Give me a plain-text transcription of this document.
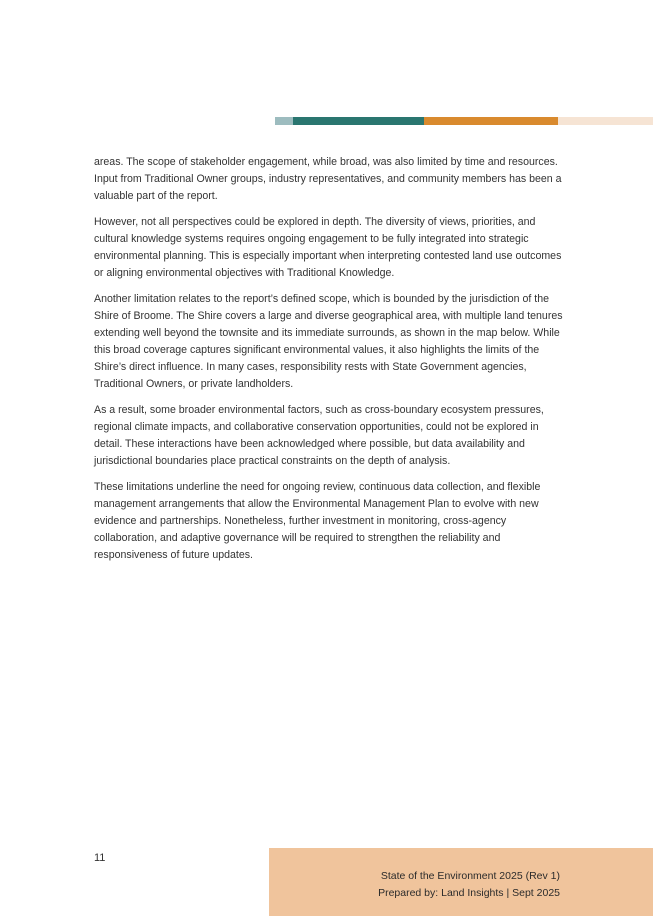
areas. The scope of stakeholder engagement, while broad, was also limited by time and resources. Input from Traditional Owner groups, industry representatives, and community members has been a valuable part of the report.

However, not all perspectives could be explored in depth. The diversity of views, priorities, and cultural knowledge systems requires ongoing engagement to be fully integrated into strategic environmental planning. This is especially important when interpreting contested land use outcomes or aligning environmental objectives with Traditional Knowledge.

Another limitation relates to the report’s defined scope, which is bounded by the jurisdiction of the Shire of Broome. The Shire covers a large and diverse geographical area, with multiple land tenures extending well beyond the townsite and its immediate surrounds, as shown in the map below. While this broad coverage captures significant environmental values, it also highlights the limits of the Shire’s direct influence. In many cases, responsibility rests with State Government agencies, Traditional Owners, or private landholders.

As a result, some broader environmental factors, such as cross-boundary ecosystem pressures, regional climate impacts, and collaborative conservation opportunities, could not be explored in detail. These interactions have been acknowledged where possible, but data availability and jurisdictional boundaries place practical constraints on the depth of analysis.

These limitations underline the need for ongoing review, continuous data collection, and flexible management arrangements that allow the Environmental Management Plan to evolve with new evidence and partnerships. Nonetheless, further investment in monitoring, cross-agency collaboration, and adaptive governance will be required to strengthen the reliability and responsiveness of future updates.

11
State of the Environment 2025 (Rev 1)
Prepared by: Land Insights | Sept 2025
